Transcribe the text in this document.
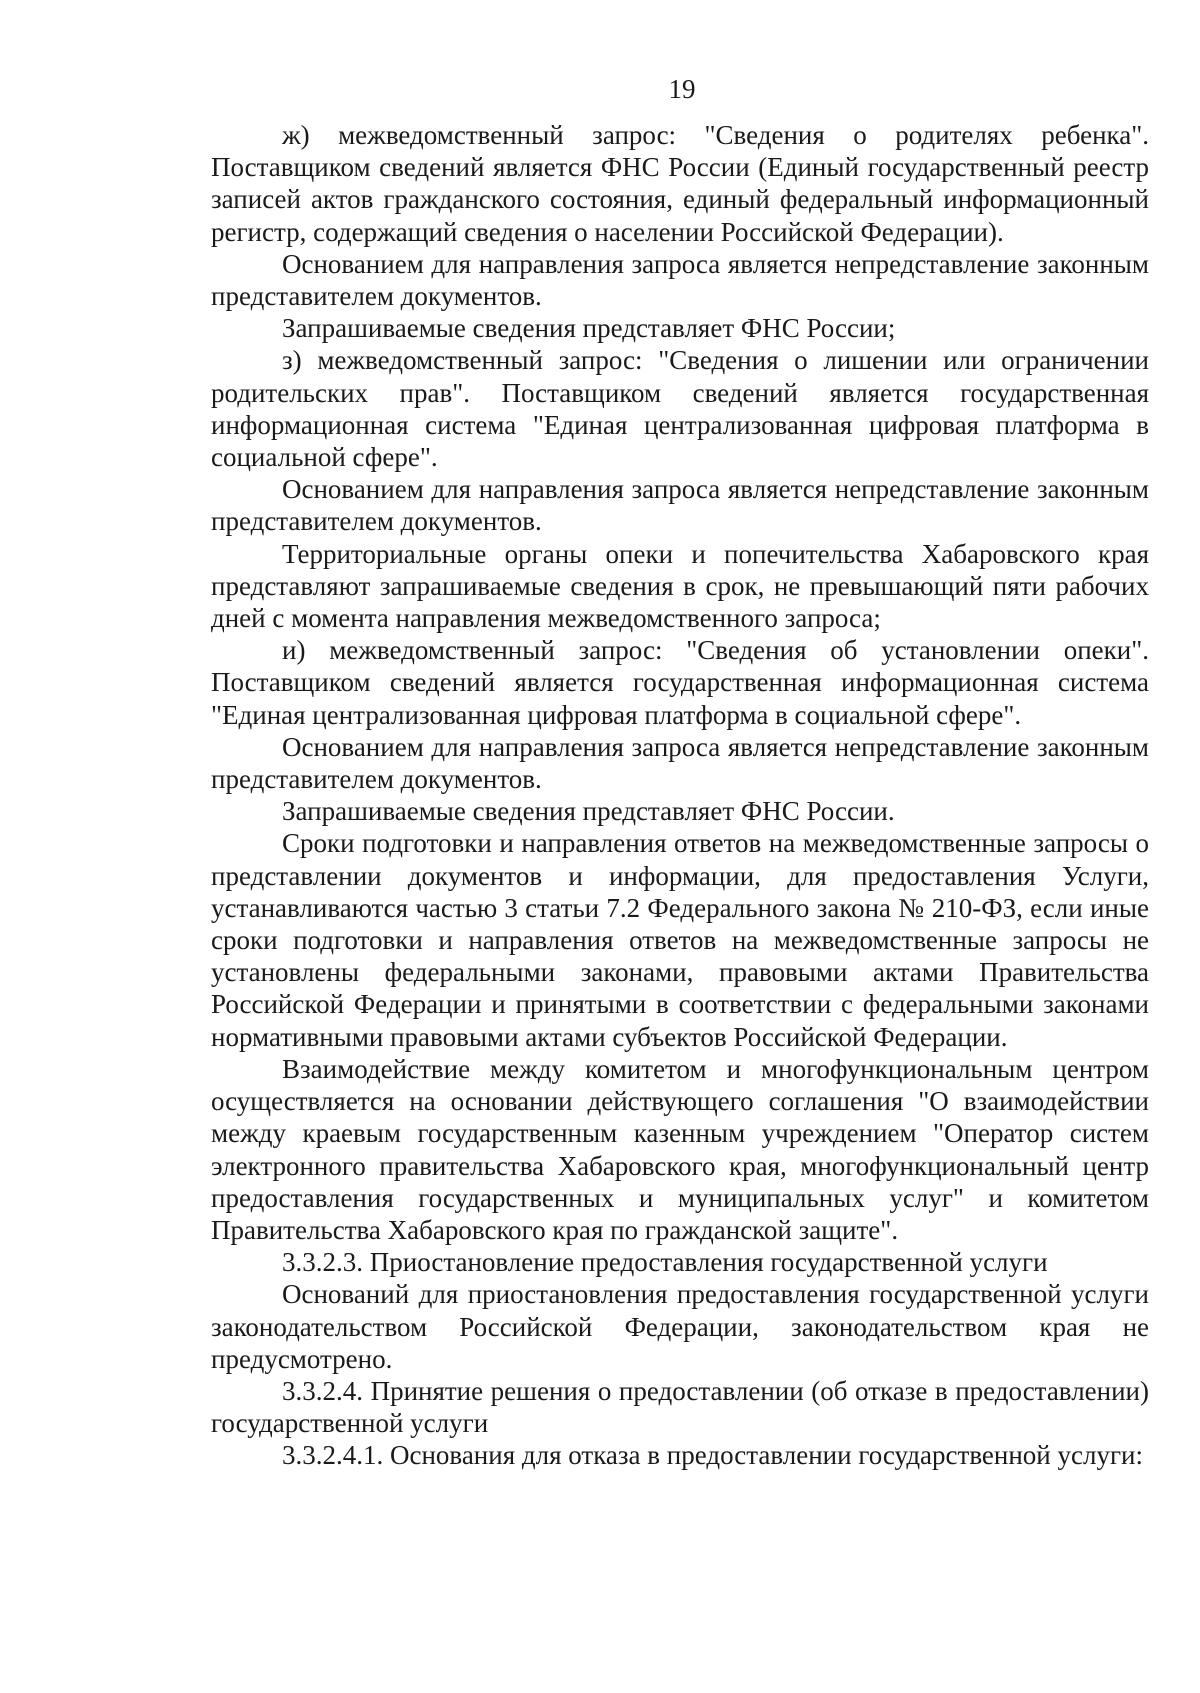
19

ж) межведомственный запрос: "Сведения о родителях ребенка". Поставщиком сведений является ФНС России (Единый государственный реестр записей актов гражданского состояния, единый федеральный информационный регистр, содержащий сведения о населении Российской Федерации).

Основанием для направления запроса является непредставление законным представителем документов.

Запрашиваемые сведения представляет ФНС России;

з) межведомственный запрос: "Сведения о лишении или ограничении родительских прав". Поставщиком сведений является государственная информационная система "Единая централизованная цифровая платформа в социальной сфере".

Основанием для направления запроса является непредставление законным представителем документов.

Территориальные органы опеки и попечительства Хабаровского края представляют запрашиваемые сведения в срок, не превышающий пяти рабочих дней с момента направления межведомственного запроса;

и) межведомственный запрос: "Сведения об установлении опеки". Поставщиком сведений является государственная информационная система "Единая централизованная цифровая платформа в социальной сфере".

Основанием для направления запроса является непредставление законным представителем документов.

Запрашиваемые сведения представляет ФНС России.

Сроки подготовки и направления ответов на межведомственные запросы о представлении документов и информации, для предоставления Услуги, устанавливаются частью 3 статьи 7.2 Федерального закона № 210-ФЗ, если иные сроки подготовки и направления ответов на межведомственные запросы не установлены федеральными законами, правовыми актами Правительства Российской Федерации и принятыми в соответствии с федеральными законами нормативными правовыми актами субъектов Российской Федерации.

Взаимодействие между комитетом и многофункциональным центром осуществляется на основании действующего соглашения "О взаимодействии между краевым государственным казенным учреждением "Оператор систем электронного правительства Хабаровского края, многофункциональный центр предоставления государственных и муниципальных услуг" и комитетом Правительства Хабаровского края по гражданской защите".

3.3.2.3. Приостановление предоставления государственной услуги

Оснований для приостановления предоставления государственной услуги законодательством Российской Федерации, законодательством края не предусмотрено.

3.3.2.4. Принятие решения о предоставлении (об отказе в предоставлении) государственной услуги

3.3.2.4.1. Основания для отказа в предоставлении государственной услуги:
